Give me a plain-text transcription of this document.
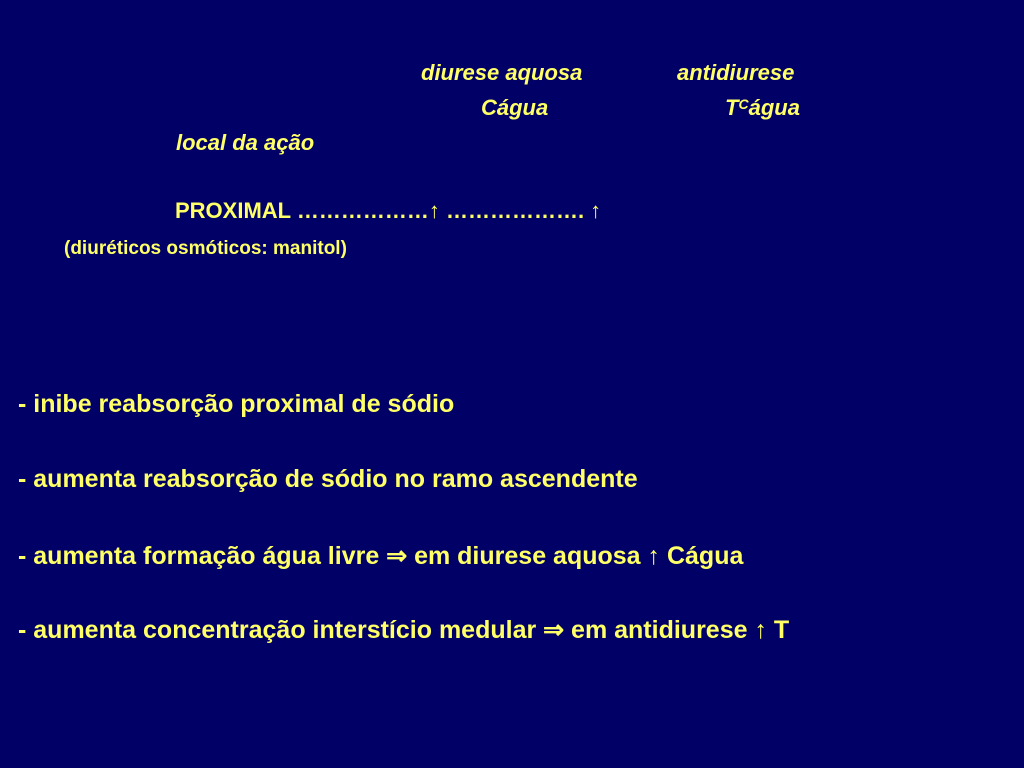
diurese aquosa	antidiurese
Cágua	$T^Cágua$
local da ação
PROXIMAL ………………↑ ………………. ↑
(diuréticos osmóticos: manitol)
- inibe reabsorção proximal de sódio
- aumenta reabsorção de sódio no ramo ascendente
- aumenta formação água livre ⇒ em diurese aquosa ↑ Cágua
- aumenta concentração interstício medular ⇒ em antidiurese ↑ T
